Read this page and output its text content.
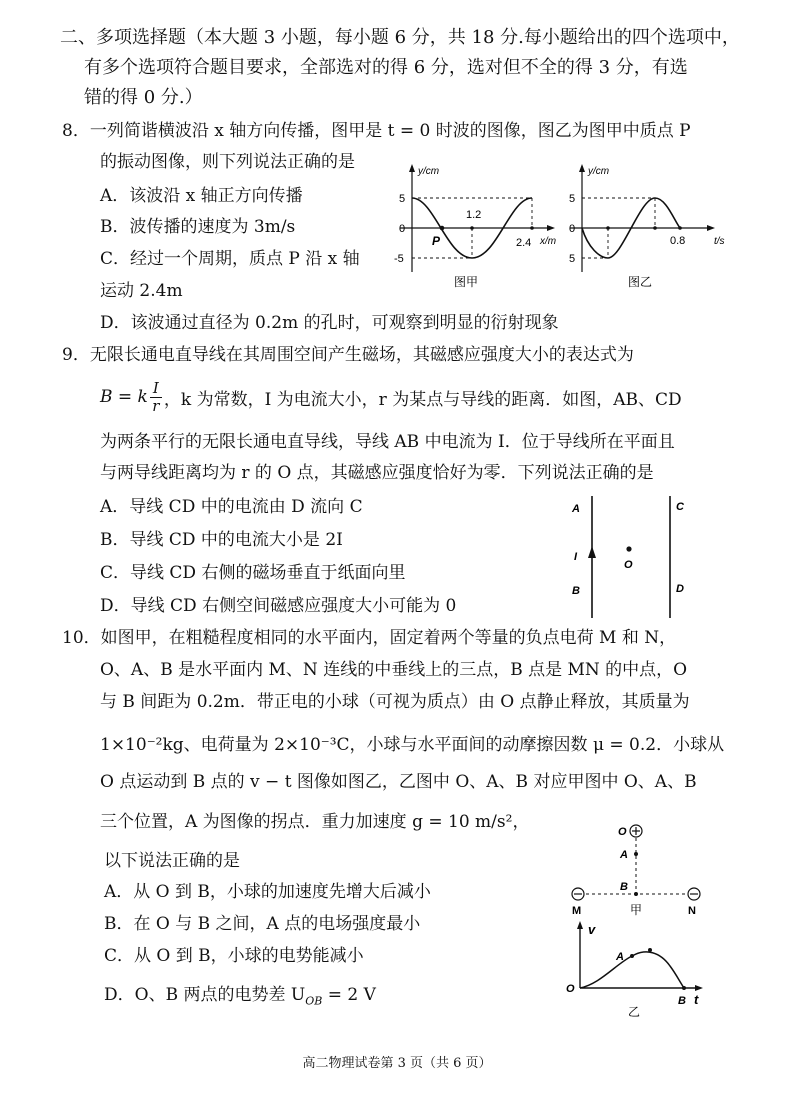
二、多项选择题（本大题 3 小题，每小题 6 分，共 18 分.每小题给出的四个选项中，
有多个选项符合题目要求，全部选对的得 6 分，选对但不全的得 3 分，有选
错的得 0 分.）
8．一列简谐横波沿 x 轴方向传播，图甲是 t = 0 时波的图像，图乙为图甲中质点 P
的振动图像，则下列说法正确的是
A．该波沿 x 轴正方向传播
B．波传播的速度为 3m/s
C．经过一个周期，质点 P 沿 x 轴
运动 2.4m
D．该波通过直径为 0.2m 的孔时，可观察到明显的衍射现象
y/cm
5
0
-5
1.2
2.4 x/m
P
图甲
y/cm
5
0
5
0.8	t/s
图乙
9．无限长通电直导线在其周围空间产生磁场，其磁感应强度大小的表达式为
B = k I
r ，k 为常数，I 为电流大小，r 为某点与导线的距离．如图，AB、CD
为两条平行的无限长通电直导线，导线 AB 中电流为 I．位于导线所在平面且
与两导线距离均为 r 的 O 点，其磁感应强度恰好为零．下列说法正确的是
A．导线 CD 中的电流由 D 流向 C
B．导线 CD 中的电流大小是 2I
C．导线 CD 右侧的磁场垂直于纸面向里
D．导线 CD 右侧空间磁感应强度大小可能为 0
A
B
C
D
I
O
10．如图甲，在粗糙程度相同的水平面内，固定着两个等量的负点电荷 M 和 N，
O、A、B 是水平面内 M、N 连线的中垂线上的三点，B 点是 MN 的中点，O
与 B 间距为 0.2m．带正电的小球（可视为质点）由 O 点静止释放，其质量为
1×10⁻²kg、电荷量为 2×10⁻³C，小球与水平面间的动摩擦因数 μ = 0.2．小球从
O 点运动到 B 点的 v − t 图像如图乙，乙图中 O、A、B 对应甲图中 O、A、B
三个位置，A 为图像的拐点．重力加速度 g = 10 m/s²，
以下说法正确的是
A．从 O 到 B，小球的加速度先增大后减小
B．在 O 与 B 之间，A 点的电场强度最小
C．从 O 到 B，小球的电势能减小
D．O、B 两点的电势差 $U_{OB} = 2$ V
O
A
B
M	N
甲
v
t
O
A
B
乙
高二物理试卷第 3 页（共 6 页）
